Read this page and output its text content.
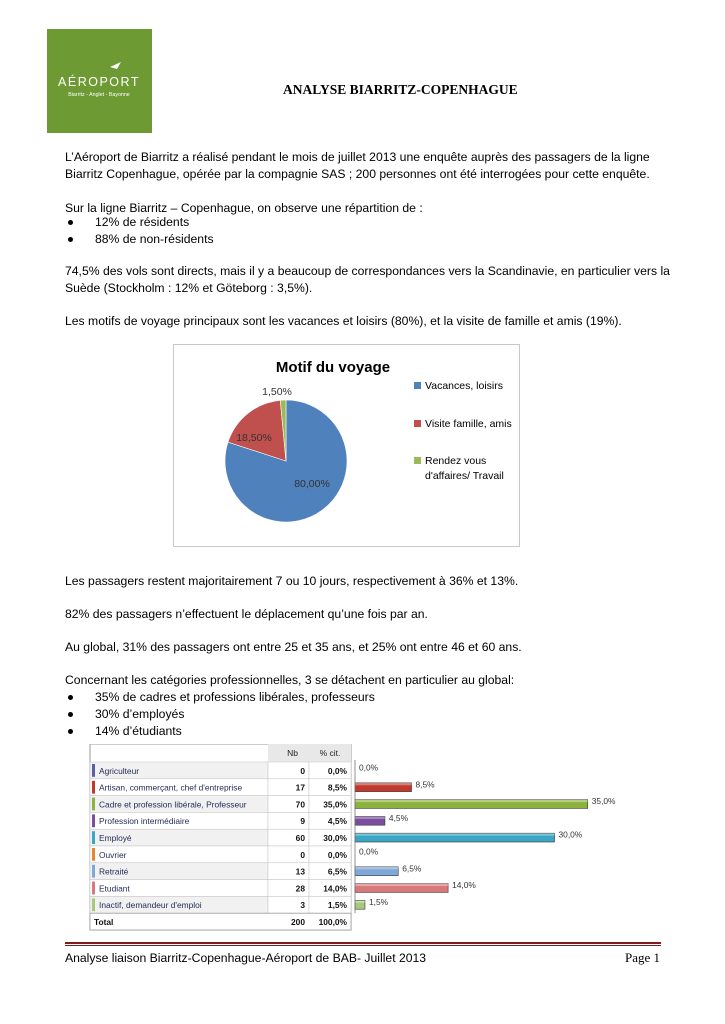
AÉROPORT
Biarritz - Anglet - Bayonne	ANALYSE BIARRITZ-COPENHAGUE
L’Aéroport de Biarritz a réalisé pendant le mois de juillet 2013 une enquête auprès des passagers de la ligne Biarritz Copenhague, opérée par la compagnie SAS ; 200 personnes ont été interrogées pour cette enquête.
Sur la ligne Biarritz – Copenhague, on observe une répartition de :
12% de résidents
88% de non-résidents
74,5% des vols sont directs, mais il y a beaucoup de correspondances vers la Scandinavie, en particulier vers la Suède (Stockholm : 12% et Göteborg : 3,5%).
Les motifs de voyage principaux sont les vacances et loisirs (80%), et la visite de famille et amis (19%).
Motif du voyage
80,00%
18,50%
1,50%	Vacances, loisirs
Visite famille, amis
Rendez vous
d'affaires/ Travail
Les passagers restent majoritairement 7 ou 10 jours, respectivement à 36% et 13%.
82% des passagers n’effectuent le déplacement qu’une fois par an.
Au global, 31% des passagers ont entre 25 et 35 ans, et 25% ont entre 46 et 60 ans.
Concernant les catégories professionnelles, 3 se détachent en particulier au global:
35% de cadres et professions libérales, professeurs
30% d’employés
14% d’étudiants
Nb	% cit.
Agriculteur	0	0,0% 0,0%
Artisan, commerçant, chef d'entreprise	17	8,5%	8,5%
Cadre et profession libérale, Professeur	70 35,0%	35,0%
Profession intermédiaire	9	4,5%	4,5%
Employé	60 30,0%	30,0%
Ouvrier	0	0,0% 0,0%
Retraité	13	6,5%	6,5%
Etudiant	28 14,0%	14,0%
Inactif, demandeur d'emploi	3	1,5%	1,5%
Total	200 100,0%
Analyse liaison Biarritz-Copenhague-Aéroport de BAB- Juillet 2013	Page 1
